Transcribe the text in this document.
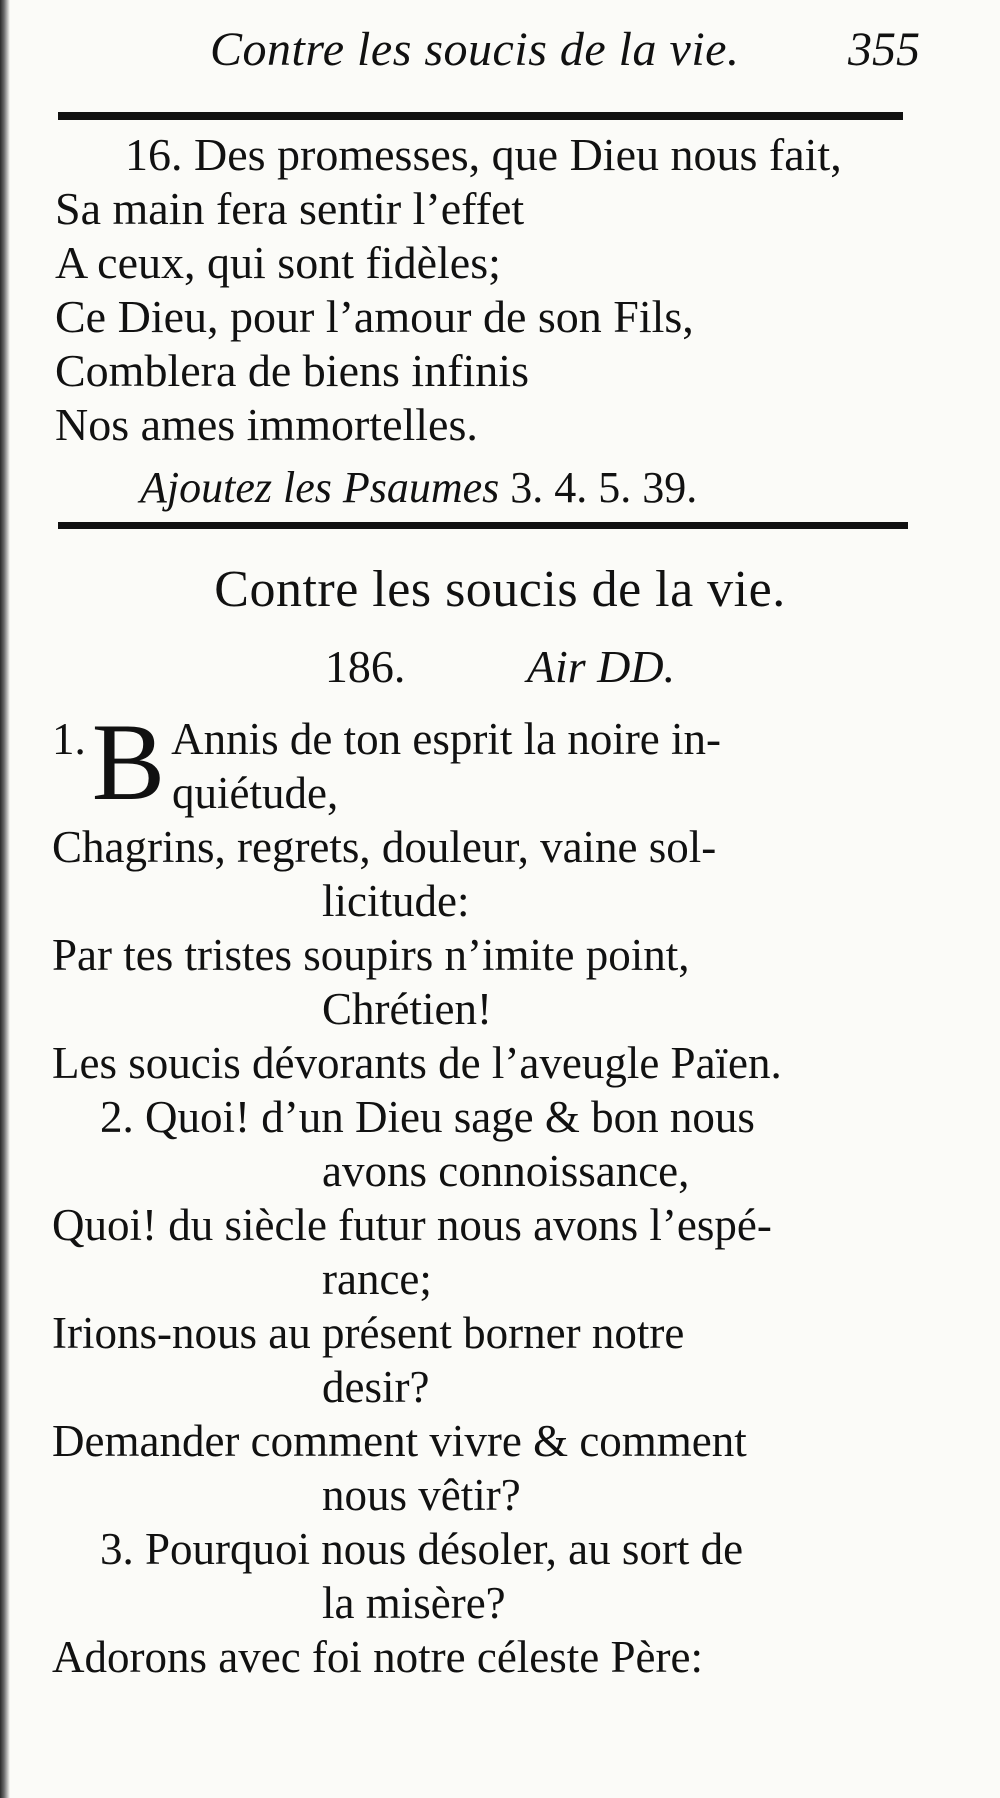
Contre les soucis de la vie. 355
16. Des promesses, que Dieu nous fait,
Sa main fera sentir l’effet
A ceux, qui sont fidèles;
Ce Dieu, pour l’amour de son Fils,
Comblera de biens infinis
Nos ames immortelles.
Ajoutez les Psaumes 3. 4. 5. 39.
Contre les soucis de la vie.
186.	Air DD.
1. B Annis de ton esprit la noire in-
quiétude,
Chagrins, regrets, douleur, vaine sol-
licitude:
Par tes tristes soupirs n’imite point,
Chrétien!
Les soucis dévorants de l’aveugle Païen.
2. Quoi! d’un Dieu sage & bon nous
avons connoissance,
Quoi! du siècle futur nous avons l’espé-
rance;
Irions-nous au présent borner notre
desir?
Demander comment vivre & comment
nous vêtir?
3. Pourquoi nous désoler, au sort de
la misère?
Adorons avec foi notre céleste Père:
